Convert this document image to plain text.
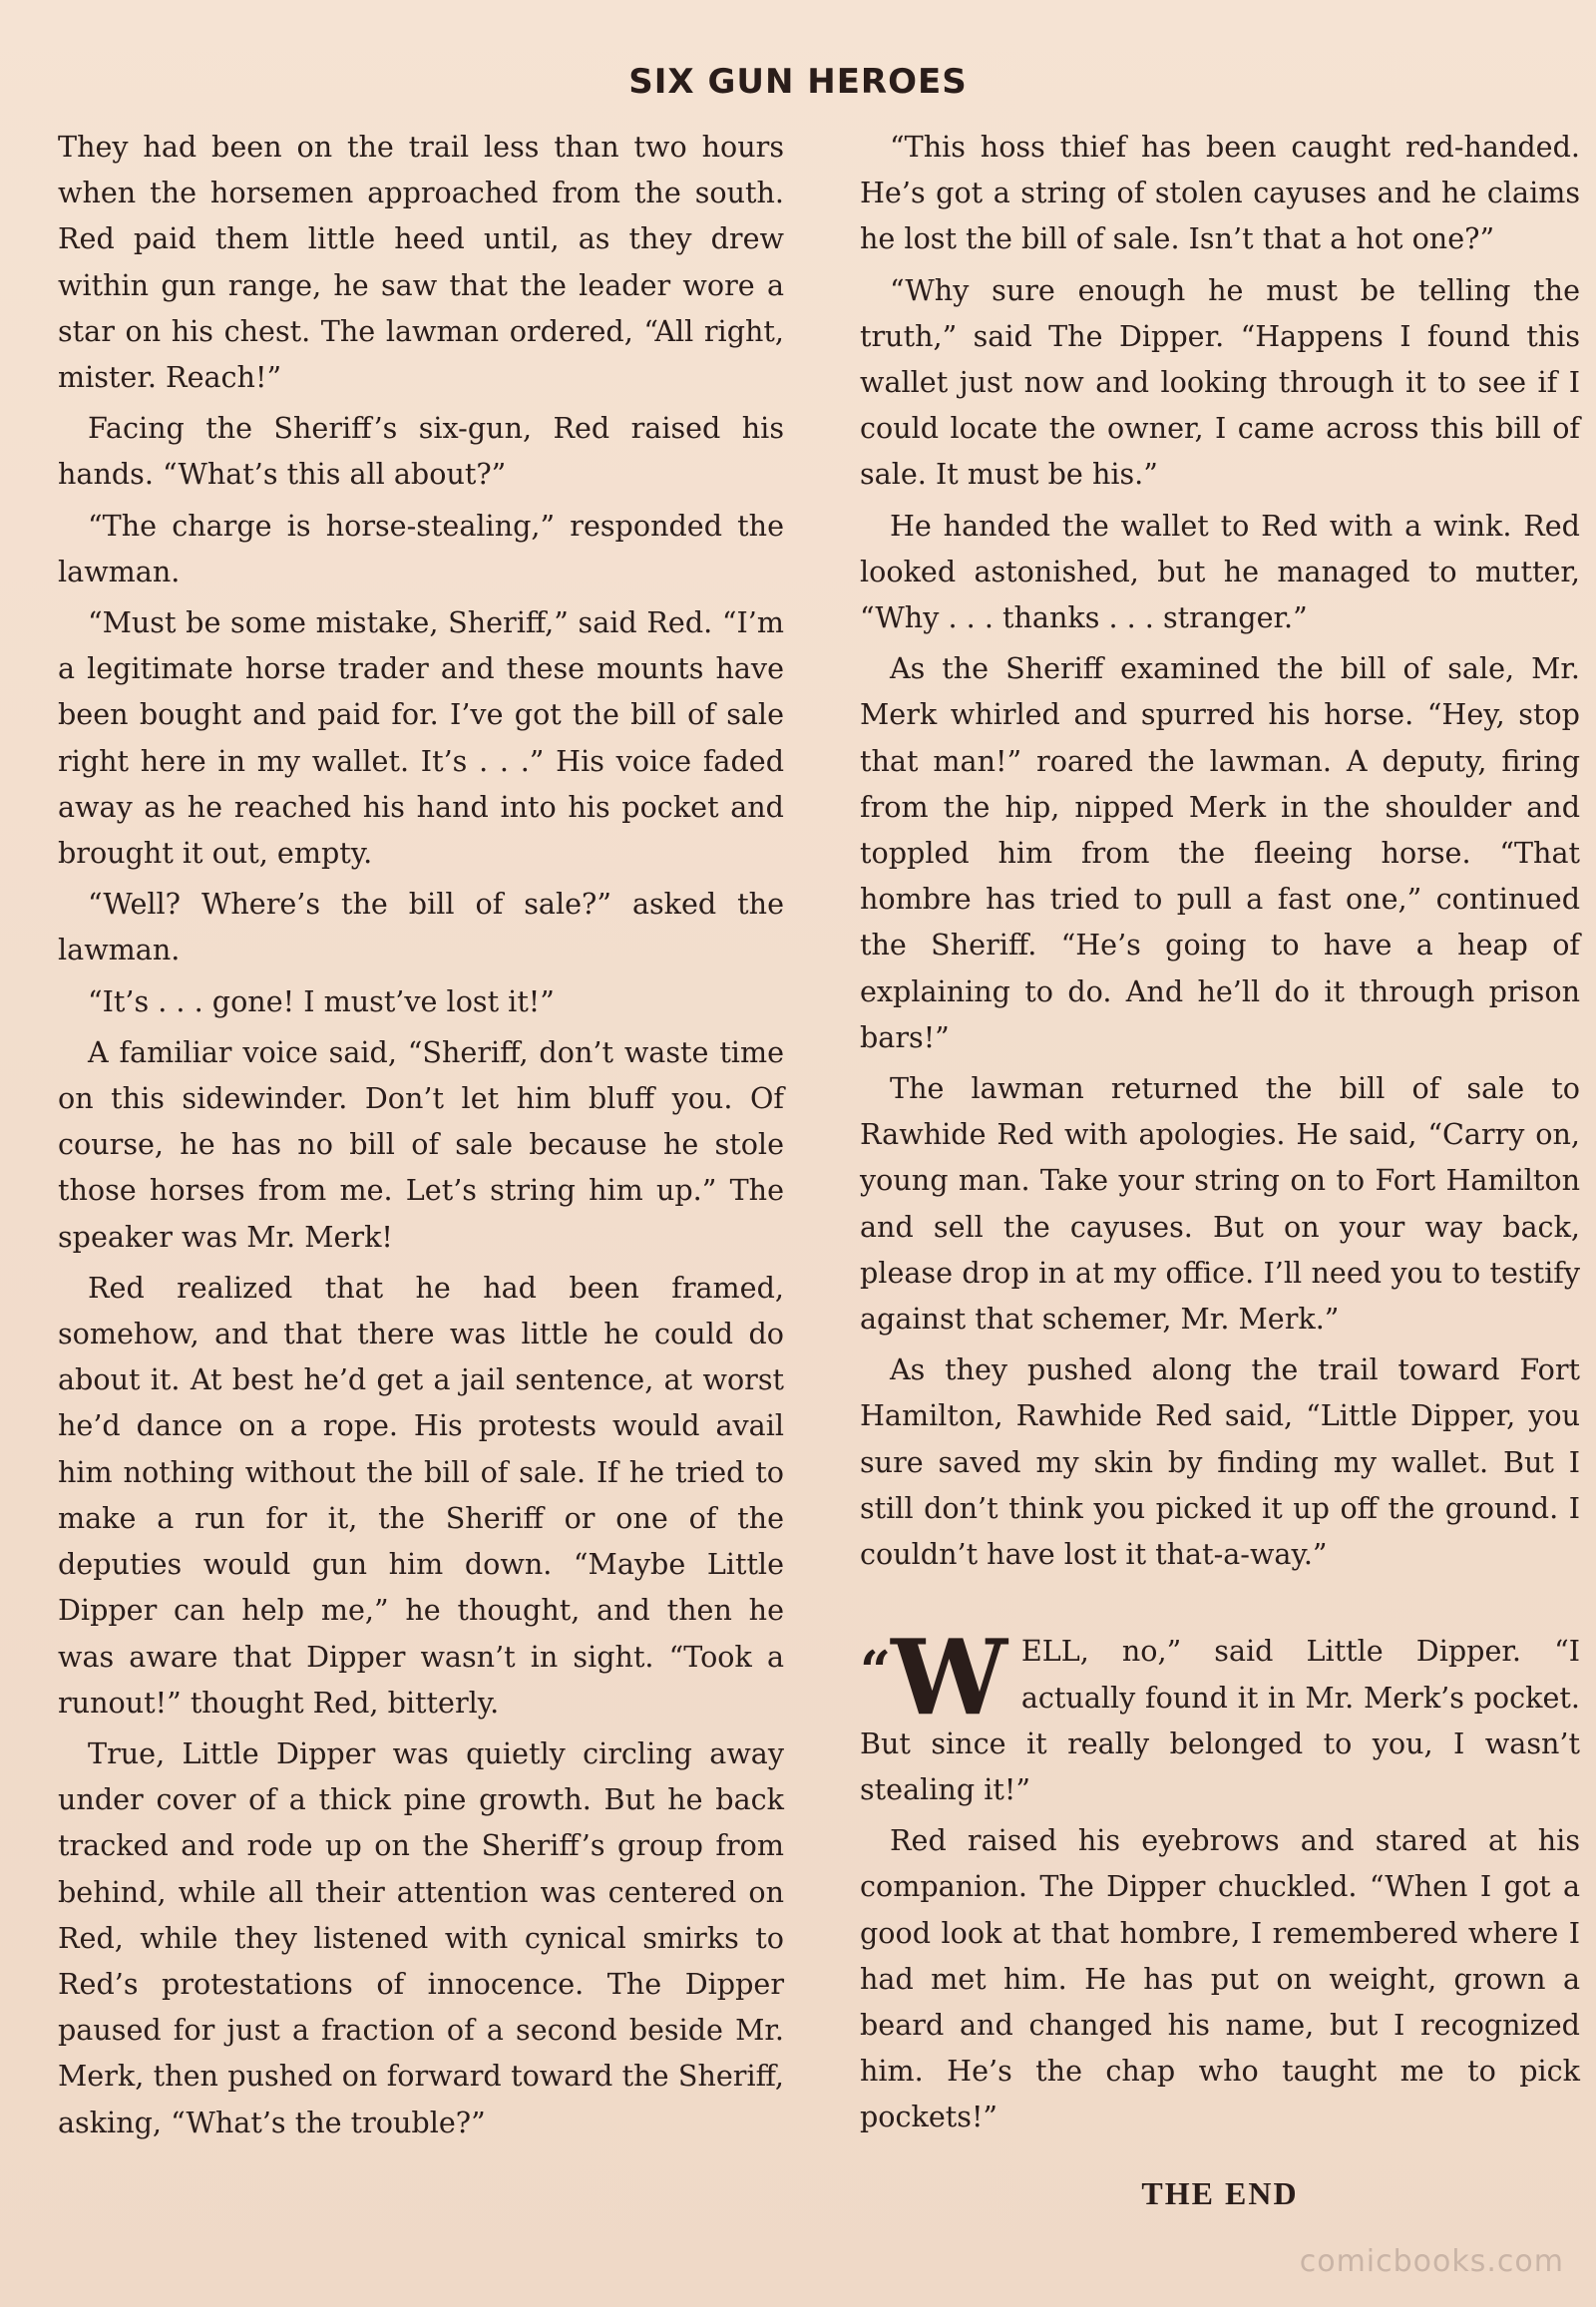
SIX GUN HEROES

They had been on the trail less than two hours when the horsemen approached from the south. Red paid them little heed until, as they drew within gun range, he saw that the leader wore a star on his chest. The lawman ordered, “All right, mister. Reach!”

Facing the Sheriff’s six-gun, Red raised his hands. “What’s this all about?”

“The charge is horse-stealing,” responded the lawman.

“Must be some mistake, Sheriff,” said Red. “I’m a legitimate horse trader and these mounts have been bought and paid for. I’ve got the bill of sale right here in my wallet. It’s . . .” His voice faded away as he reached his hand into his pocket and brought it out, empty.

“Well? Where’s the bill of sale?” asked the lawman.

“It’s . . . gone! I must’ve lost it!”

A familiar voice said, “Sheriff, don’t waste time on this sidewinder. Don’t let him bluff you. Of course, he has no bill of sale because he stole those horses from me. Let’s string him up.” The speaker was Mr. Merk!

Red realized that he had been framed, somehow, and that there was little he could do about it. At best he’d get a jail sentence, at worst he’d dance on a rope. His protests would avail him nothing without the bill of sale. If he tried to make a run for it, the Sheriff or one of the deputies would gun him down. “Maybe Little Dipper can help me,” he thought, and then he was aware that Dipper wasn’t in sight. “Took a runout!” thought Red, bitterly.

True, Little Dipper was quietly circling away under cover of a thick pine growth. But he back tracked and rode up on the Sheriff’s group from behind, while all their attention was centered on Red, while they listened with cynical smirks to Red’s protestations of innocence. The Dipper paused for just a fraction of a second beside Mr. Merk, then pushed on forward toward the Sheriff, asking, “What’s the trouble?”

“This hoss thief has been caught red-handed. He’s got a string of stolen cayuses and he claims he lost the bill of sale. Isn’t that a hot one?”

“Why sure enough he must be telling the truth,” said The Dipper. “Happens I found this wallet just now and looking through it to see if I could locate the owner, I came across this bill of sale. It must be his.”

He handed the wallet to Red with a wink. Red looked astonished, but he managed to mutter, “Why . . . thanks . . . stranger.”

As the Sheriff examined the bill of sale, Mr. Merk whirled and spurred his horse. “Hey, stop that man!” roared the lawman. A deputy, firing from the hip, nipped Merk in the shoulder and toppled him from the fleeing horse. “That hombre has tried to pull a fast one,” continued the Sheriff. “He’s going to have a heap of explaining to do. And he’ll do it through prison bars!”

The lawman returned the bill of sale to Rawhide Red with apologies. He said, “Carry on, young man. Take your string on to Fort Hamilton and sell the cayuses. But on your way back, please drop in at my office. I’ll need you to testify against that schemer, Mr. Merk.”

As they pushed along the trail toward Fort Hamilton, Rawhide Red said, “Little Dipper, you sure saved my skin by finding my wallet. But I still don’t think you picked it up off the ground. I couldn’t have lost it that-a-way.”

“ W ELL, no,” said Little Dipper. “I actually found it in Mr. Merk’s pocket. But since it really belonged to you, I wasn’t stealing it!”

Red raised his eyebrows and stared at his companion. The Dipper chuckled. “When I got a good look at that hombre, I remembered where I had met him. He has put on weight, grown a beard and changed his name, but I recognized him. He’s the chap who taught me to pick pockets!”

THE END
comicbooks.com
